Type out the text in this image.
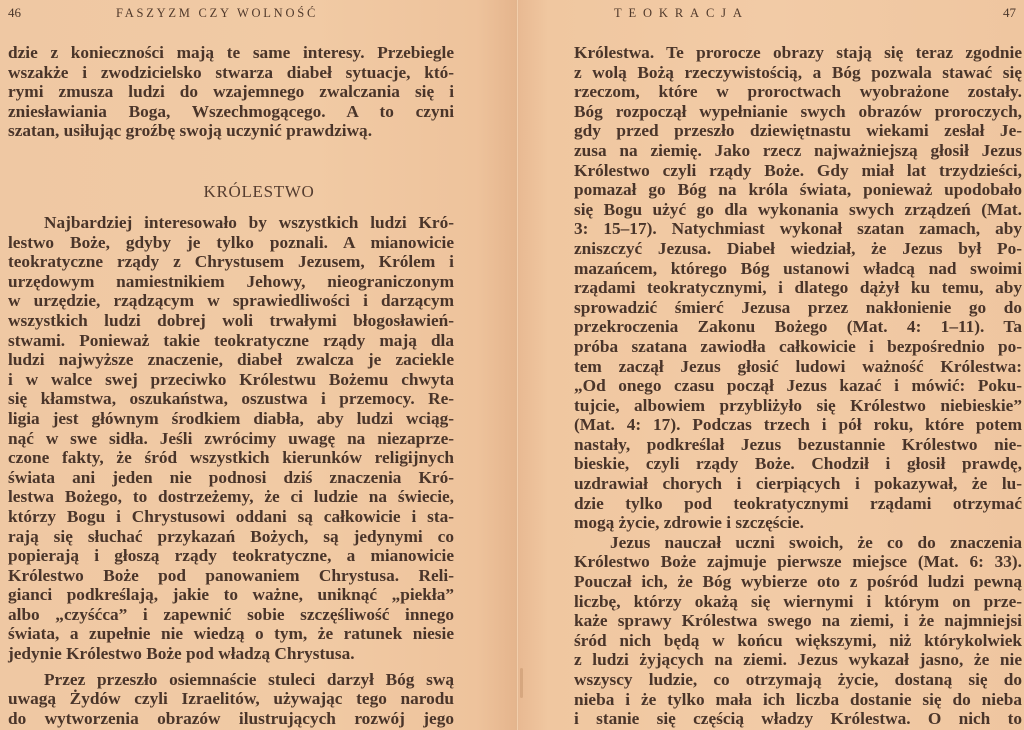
46	FASZYZM CZY WOLNOŚĆ
dzie z konieczności mają te same interesy. Przebiegle
wszakże i zwodzicielsko stwarza diabeł sytuacje, któ-
rymi zmusza ludzi do wzajemnego zwalczania się i
zniesławiania Boga, Wszechmogącego. A to czyni
szatan, usiłując groźbę swoją uczynić prawdziwą.
KRÓLESTWO
Najbardziej interesowało by wszystkich ludzi Kró-
lestwo Boże, gdyby je tylko poznali. A mianowicie
teokratyczne rządy z Chrystusem Jezusem, Królem i
urzędowym namiestnikiem Jehowy, nieograniczonym
w urzędzie, rządzącym w sprawiedliwości i darzącym
wszystkich ludzi dobrej woli trwałymi błogosławień-
stwami. Ponieważ takie teokratyczne rządy mają dla
ludzi najwyższe znaczenie, diabeł zwalcza je zaciekle
i w walce swej przeciwko Królestwu Bożemu chwyta
się kłamstwa, oszukaństwa, oszustwa i przemocy. Re-
ligia jest głównym środkiem diabła, aby ludzi wciąg-
nąć w swe sidła. Jeśli zwrócimy uwagę na niezaprze-
czone fakty, że śród wszystkich kierunków religijnych
świata ani jeden nie podnosi dziś znaczenia Kró-
lestwa Bożego, to dostrzeżemy, że ci ludzie na świecie,
którzy Bogu i Chrystusowi oddani są całkowicie i sta-
rają się słuchać przykazań Bożych, są jedynymi co
popierają i głoszą rządy teokratyczne, a mianowicie
Królestwo Boże pod panowaniem Chrystusa. Reli-
gianci podkreślają, jakie to ważne, uniknąć „piekła”
albo „czyśćca” i zapewnić sobie szczęśliwość innego
świata, a zupełnie nie wiedzą o tym, że ratunek niesie
jedynie Królestwo Boże pod władzą Chrystusa.
Przez przeszło osiemnaście stuleci darzył Bóg swą
uwagą Żydów czyli Izraelitów, używając tego narodu
do wytworzenia obrazów ilustrujących rozwój jego
TEOKRACJA	47
Królestwa. Te prorocze obrazy stają się teraz zgodnie
z wolą Bożą rzeczywistością, a Bóg pozwala stawać się
rzeczom, które w proroctwach wyobrażone zostały.
Bóg rozpoczął wypełnianie swych obrazów proroczych,
gdy przed przeszło dziewiętnastu wiekami zesłał Je-
zusa na ziemię. Jako rzecz najważniejszą głosił Jezus
Królestwo czyli rządy Boże. Gdy miał lat trzydzieści,
pomazał go Bóg na króla świata, ponieważ upodobało
się Bogu użyć go dla wykonania swych zrządzeń (Mat.
3: 15–17). Natychmiast wykonał szatan zamach, aby
zniszczyć Jezusa. Diabeł wiedział, że Jezus był Po-
mazańcem, którego Bóg ustanowi władcą nad swoimi
rządami teokratycznymi, i dlatego dążył ku temu, aby
sprowadzić śmierć Jezusa przez nakłonienie go do
przekroczenia Zakonu Bożego (Mat. 4: 1–11). Ta
próba szatana zawiodła całkowicie i bezpośrednio po-
tem zaczął Jezus głosić ludowi ważność Królestwa:
„Od onego czasu począł Jezus kazać i mówić: Poku-
tujcie, albowiem przybliżyło się Królestwo niebieskie”
(Mat. 4: 17). Podczas trzech i pół roku, które potem
nastały, podkreślał Jezus bezustannie Królestwo nie-
bieskie, czyli rządy Boże. Chodził i głosił prawdę,
uzdrawiał chorych i cierpiących i pokazywał, że lu-
dzie tylko pod teokratycznymi rządami otrzymać
mogą życie, zdrowie i szczęście.
Jezus nauczał uczni swoich, że co do znaczenia
Królestwo Boże zajmuje pierwsze miejsce (Mat. 6: 33).
Pouczał ich, że Bóg wybierze oto z pośród ludzi pewną
liczbę, którzy okażą się wiernymi i którym on prze-
każe sprawy Królestwa swego na ziemi, i że najmniejsi
śród nich będą w końcu większymi, niż którykolwiek
z ludzi żyjących na ziemi. Jezus wykazał jasno, że nie
wszyscy ludzie, co otrzymają życie, dostaną się do
nieba i że tylko mała ich liczba dostanie się do nieba
i stanie się częścią władzy Królestwa. O nich to
